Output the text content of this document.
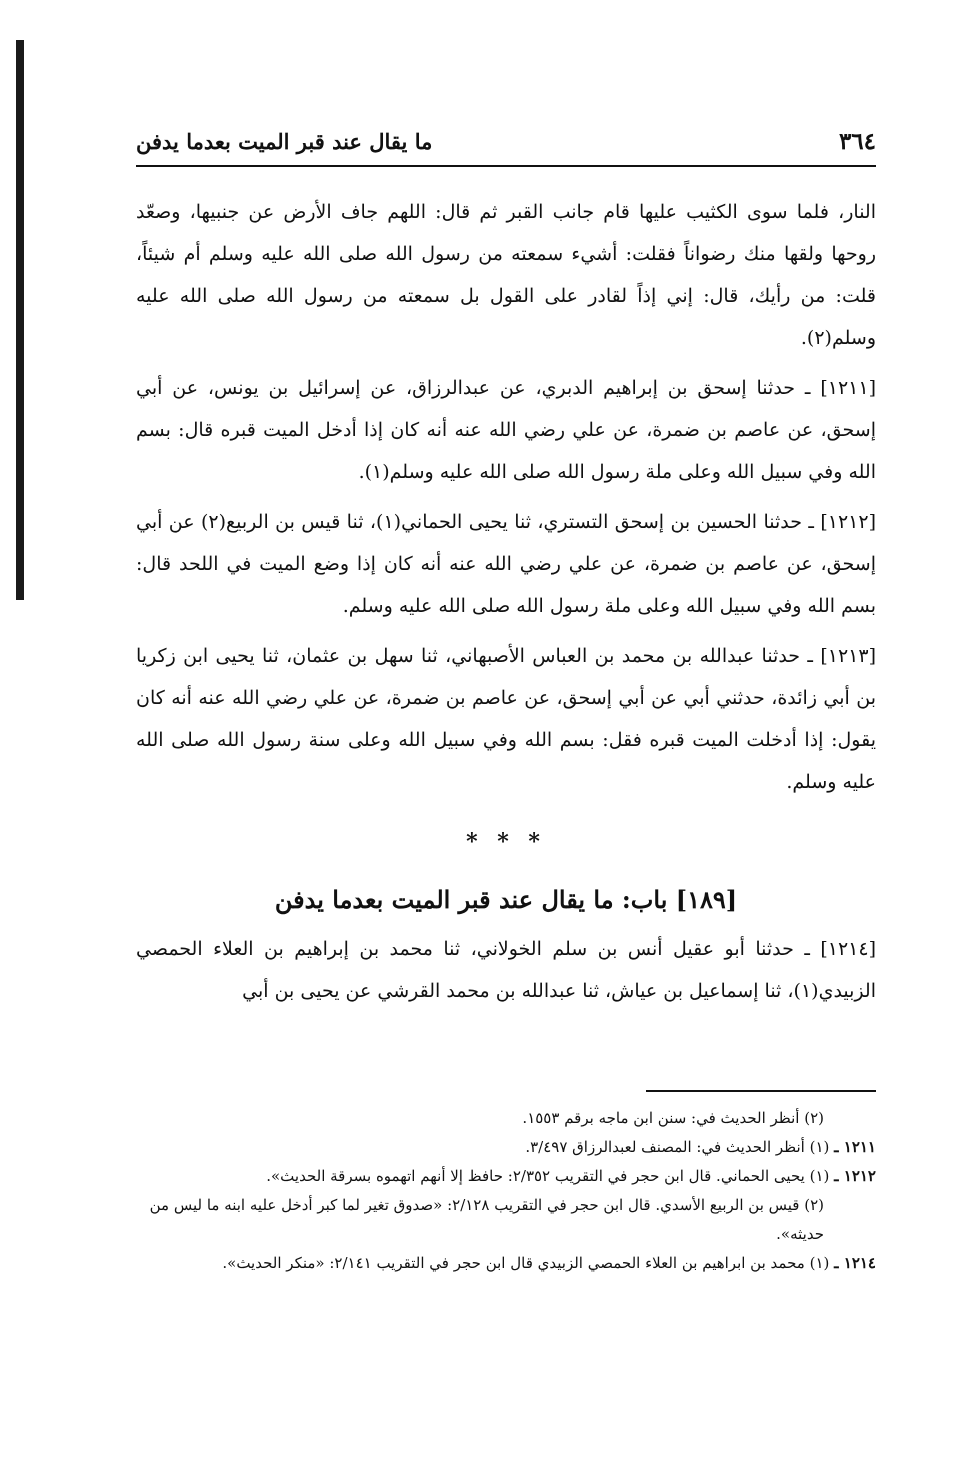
٣٦٤
ما يقال عند قبر الميت بعدما يدفن

النار، فلما سوى الكثيب عليها قام جانب القبر ثم قال: اللهم جاف الأرض عن جنبيها، وصعّد روحها ولقها منك رضواناً فقلت: أشيء سمعته من رسول الله صلى الله عليه وسلم أم شيئاً، قلت: من رأيك، قال: إني إذاً لقادر على القول بل سمعته من رسول الله صلى الله عليه وسلم(٢).

[١٢١١] ـ حدثنا إسحق بن إبراهيم الدبري، عن عبدالرزاق، عن إسرائيل بن يونس، عن أبي إسحق، عن عاصم بن ضمرة، عن علي رضي الله عنه أنه كان إذا أدخل الميت قبره قال: بسم الله وفي سبيل الله وعلى ملة رسول الله صلى الله عليه وسلم(١).

[١٢١٢] ـ حدثنا الحسين بن إسحق التستري، ثنا يحيى الحماني(١)، ثنا قيس بن الربيع(٢) عن أبي إسحق، عن عاصم بن ضمرة، عن علي رضي الله عنه أنه كان إذا وضع الميت في اللحد قال: بسم الله وفي سبيل الله وعلى ملة رسول الله صلى الله عليه وسلم.

[١٢١٣] ـ حدثنا عبدالله بن محمد بن العباس الأصبهاني، ثنا سهل بن عثمان، ثنا يحيى ابن زكريا بن أبي زائدة، حدثني أبي عن أبي إسحق، عن عاصم بن ضمرة، عن علي رضي الله عنه أنه كان يقول: إذا أدخلت الميت قبره فقل: بسم الله وفي سبيل الله وعلى سنة رسول الله صلى الله عليه وسلم.

* * *
[١٨٩] باب: ما يقال عند قبر الميت بعدما يدفن

[١٢١٤] ـ حدثنا أبو عقيل أنس بن سلم الخولاني، ثنا محمد بن إبراهيم بن العلاء الحمصي الزبيدي(١)، ثنا إسماعيل بن عياش، ثنا عبدالله بن محمد القرشي عن يحيى بن أبي

(٢) أنظر الحديث في: سنن ابن ماجه برقم ١٥٥٣.

١٢١١ ـ (١) أنظر الحديث في: المصنف لعبدالرزاق ٣/٤٩٧.

١٢١٢ ـ (١) يحيى الحماني. قال ابن حجر في التقريب ٢/٣٥٢: حافظ إلا أنهم اتهموه بسرقة الحديث».

(٢) قيس بن الربيع الأسدي. قال ابن حجر في التقريب ٢/١٢٨: «صدوق تغير لما كبر أدخل عليه ابنه ما ليس من حديثه».

١٢١٤ ـ (١) محمد بن ابراهيم بن العلاء الحمصي الزبيدي قال ابن حجر في التقريب ٢/١٤١: «منكر الحديث».
